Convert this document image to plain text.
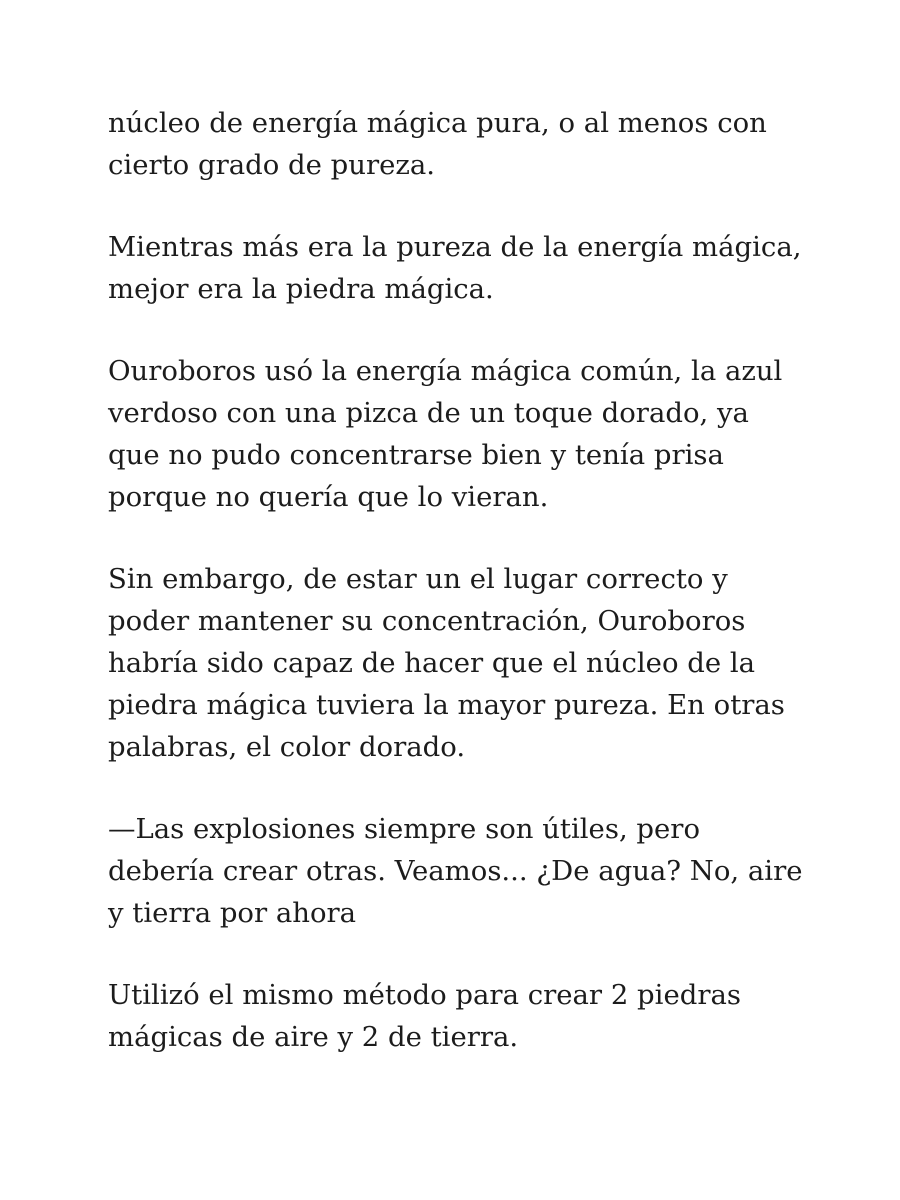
núcleo de energía mágica pura, o al menos con
cierto grado de pureza.

Mientras más era la pureza de la energía mágica,
mejor era la piedra mágica.

Ouroboros usó la energía mágica común, la azul
verdoso con una pizca de un toque dorado, ya
que no pudo concentrarse bien y tenía prisa
porque no quería que lo vieran.

Sin embargo, de estar un el lugar correcto y
poder mantener su concentración, Ouroboros
habría sido capaz de hacer que el núcleo de la
piedra mágica tuviera la mayor pureza. En otras
palabras, el color dorado.

—Las explosiones siempre son útiles, pero
debería crear otras. Veamos... ¿De agua? No, aire
y tierra por ahora

Utilizó el mismo método para crear 2 piedras
mágicas de aire y 2 de tierra.
